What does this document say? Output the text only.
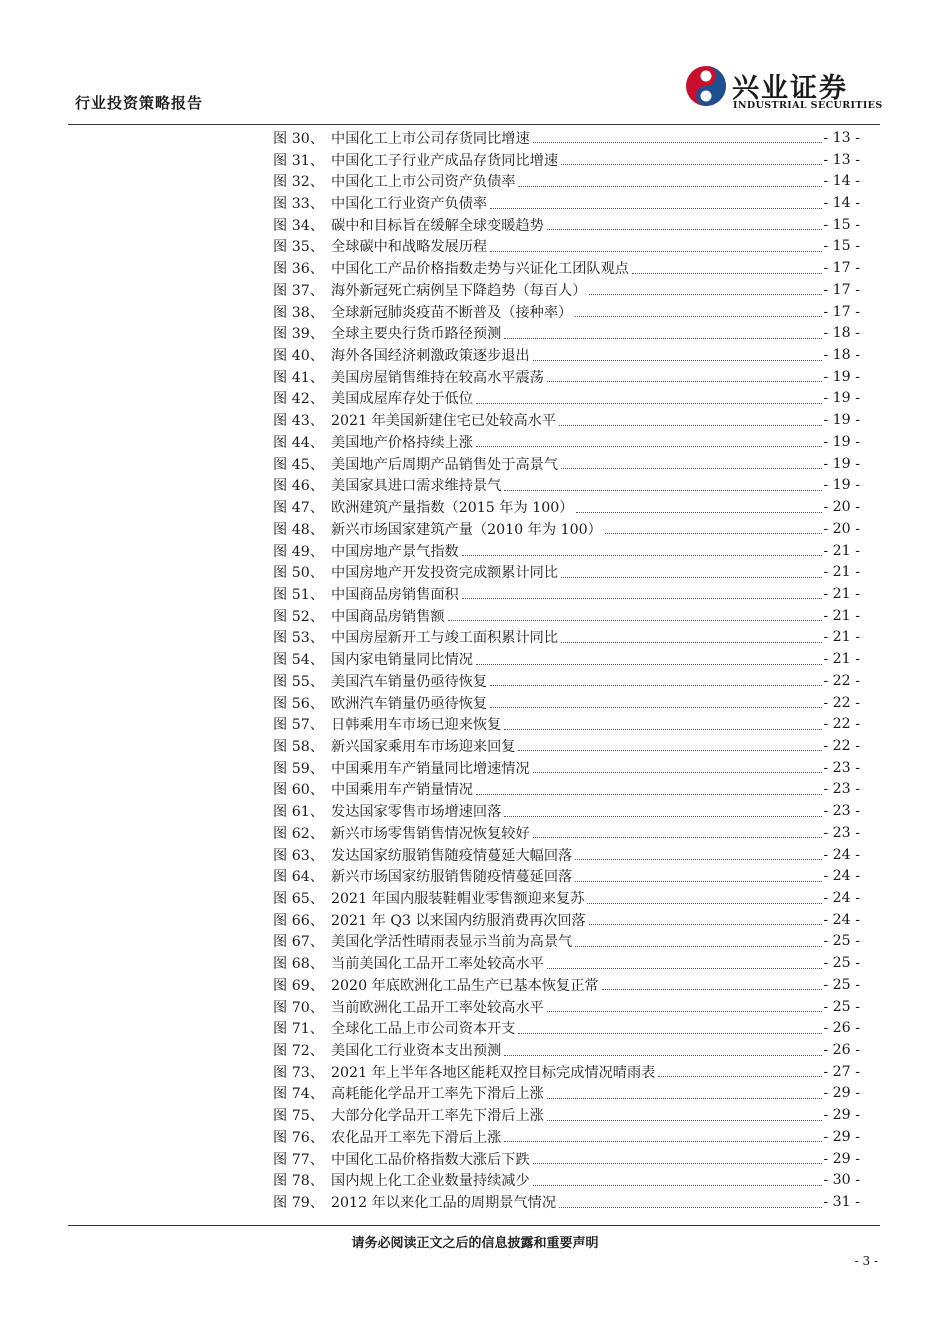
行业投资策略报告	兴业证券
INDUSTRIAL SECURITIES
图 30、 中国化工上市公司存货同比增速	- 13 -
图 31、 中国化工子行业产成品存货同比增速	- 13 -
图 32、 中国化工上市公司资产负债率	- 14 -
图 33、 中国化工行业资产负债率	- 14 -
图 34、 碳中和目标旨在缓解全球变暖趋势	- 15 -
图 35、 全球碳中和战略发展历程	- 15 -
图 36、 中国化工产品价格指数走势与兴证化工团队观点	- 17 -
图 37、 海外新冠死亡病例呈下降趋势（每百人）	- 17 -
图 38、 全球新冠肺炎疫苗不断普及（接种率）	- 17 -
图 39、 全球主要央行货币路径预测	- 18 -
图 40、 海外各国经济刺激政策逐步退出	- 18 -
图 41、 美国房屋销售维持在较高水平震荡	- 19 -
图 42、 美国成屋库存处于低位	- 19 -
图 43、 2021 年美国新建住宅已处较高水平	- 19 -
图 44、 美国地产价格持续上涨	- 19 -
图 45、 美国地产后周期产品销售处于高景气	- 19 -
图 46、 美国家具进口需求维持景气	- 19 -
图 47、 欧洲建筑产量指数（2015 年为 100）	- 20 -
图 48、 新兴市场国家建筑产量（2010 年为 100）	- 20 -
图 49、 中国房地产景气指数	- 21 -
图 50、 中国房地产开发投资完成额累计同比	- 21 -
图 51、 中国商品房销售面积	- 21 -
图 52、 中国商品房销售额	- 21 -
图 53、 中国房屋新开工与竣工面积累计同比	- 21 -
图 54、 国内家电销量同比情况	- 21 -
图 55、 美国汽车销量仍亟待恢复	- 22 -
图 56、 欧洲汽车销量仍亟待恢复	- 22 -
图 57、 日韩乘用车市场已迎来恢复	- 22 -
图 58、 新兴国家乘用车市场迎来回复	- 22 -
图 59、 中国乘用车产销量同比增速情况	- 23 -
图 60、 中国乘用车产销量情况	- 23 -
图 61、 发达国家零售市场增速回落	- 23 -
图 62、 新兴市场零售销售情况恢复较好	- 23 -
图 63、 发达国家纺服销售随疫情蔓延大幅回落	- 24 -
图 64、 新兴市场国家纺服销售随疫情蔓延回落	- 24 -
图 65、 2021 年国内服装鞋帽业零售额迎来复苏	- 24 -
图 66、 2021 年 Q3 以来国内纺服消费再次回落	- 24 -
图 67、 美国化学活性晴雨表显示当前为高景气	- 25 -
图 68、 当前美国化工品开工率处较高水平	- 25 -
图 69、 2020 年底欧洲化工品生产已基本恢复正常	- 25 -
图 70、 当前欧洲化工品开工率处较高水平	- 25 -
图 71、 全球化工品上市公司资本开支	- 26 -
图 72、 美国化工行业资本支出预测	- 26 -
图 73、 2021 年上半年各地区能耗双控目标完成情况晴雨表	- 27 -
图 74、 高耗能化学品开工率先下滑后上涨	- 29 -
图 75、 大部分化学品开工率先下滑后上涨	- 29 -
图 76、 农化品开工率先下滑后上涨	- 29 -
图 77、 中国化工品价格指数大涨后下跌	- 29 -
图 78、 国内规上化工企业数量持续减少	- 30 -
图 79、 2012 年以来化工品的周期景气情况	- 31 -
请务必阅读正文之后的信息披露和重要声明
- 3 -
